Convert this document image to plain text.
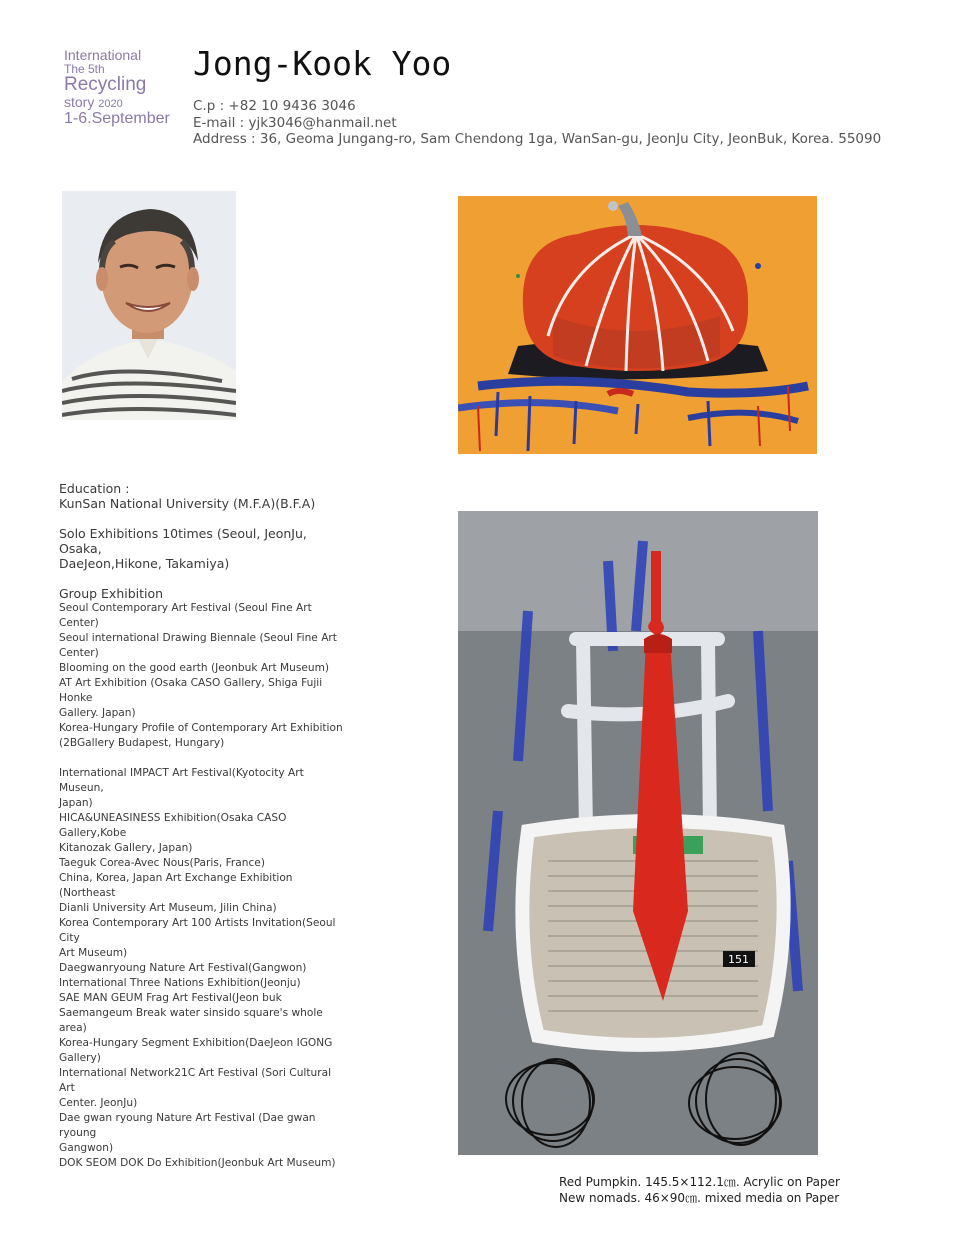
International
The 5th
Recycling
story 2020
1-6.September
Jong-Kook Yoo
C.p : +82 10 9436 3046
E-mail : yjk3046@hanmail.net
Address : 36, Geoma Jungang-ro, Sam Chendong 1ga, WanSan-gu, JeonJu City, JeonBuk, Korea. 55090
Education :
KunSan National University (M.F.A)(B.F.A)
Solo Exhibitions 10times (Seoul, JeonJu, Osaka,
DaeJeon,Hikone, Takamiya)
Group Exhibition
Seoul Contemporary Art Festival (Seoul Fine Art Center)
Seoul international Drawing Biennale (Seoul Fine Art
Center)
Blooming on the good earth (Jeonbuk Art Museum)
AT Art Exhibition (Osaka CASO Gallery, Shiga Fujii Honke
Gallery. Japan)
Korea-Hungary Profile of Contemporary Art Exhibition
(2BGallery Budapest, Hungary)
International IMPACT Art Festival(Kyotocity Art Museun,
Japan)
HICA&UNEASINESS Exhibition(Osaka CASO Gallery,Kobe
Kitanozak Gallery, Japan)
Taeguk Corea-Avec Nous(Paris, France)
China, Korea, Japan Art Exchange Exhibition (Northeast
Dianli University Art Museum, Jilin China)
Korea Contemporary Art 100 Artists Invitation(Seoul City
Art Museum)
Daegwanryoung Nature Art Festival(Gangwon)
International Three Nations Exhibition(Jeonju)
SAE MAN GEUM Frag Art Festival(Jeon buk
Saemangeum Break water sinsido square's whole area)
Korea-Hungary Segment Exhibition(DaeJeon IGONG
Gallery)
International Network21C Art Festival (Sori Cultural Art
Center. JeonJu)
Dae gwan ryoung Nature Art Festival (Dae gwan ryoung
Gangwon)
DOK SEOM DOK Do Exhibition(Jeonbuk Art Museum)
151
Red Pumpkin. 145.5×112.1㎝. Acrylic on Paper
New nomads. 46×90㎝. mixed media on Paper
